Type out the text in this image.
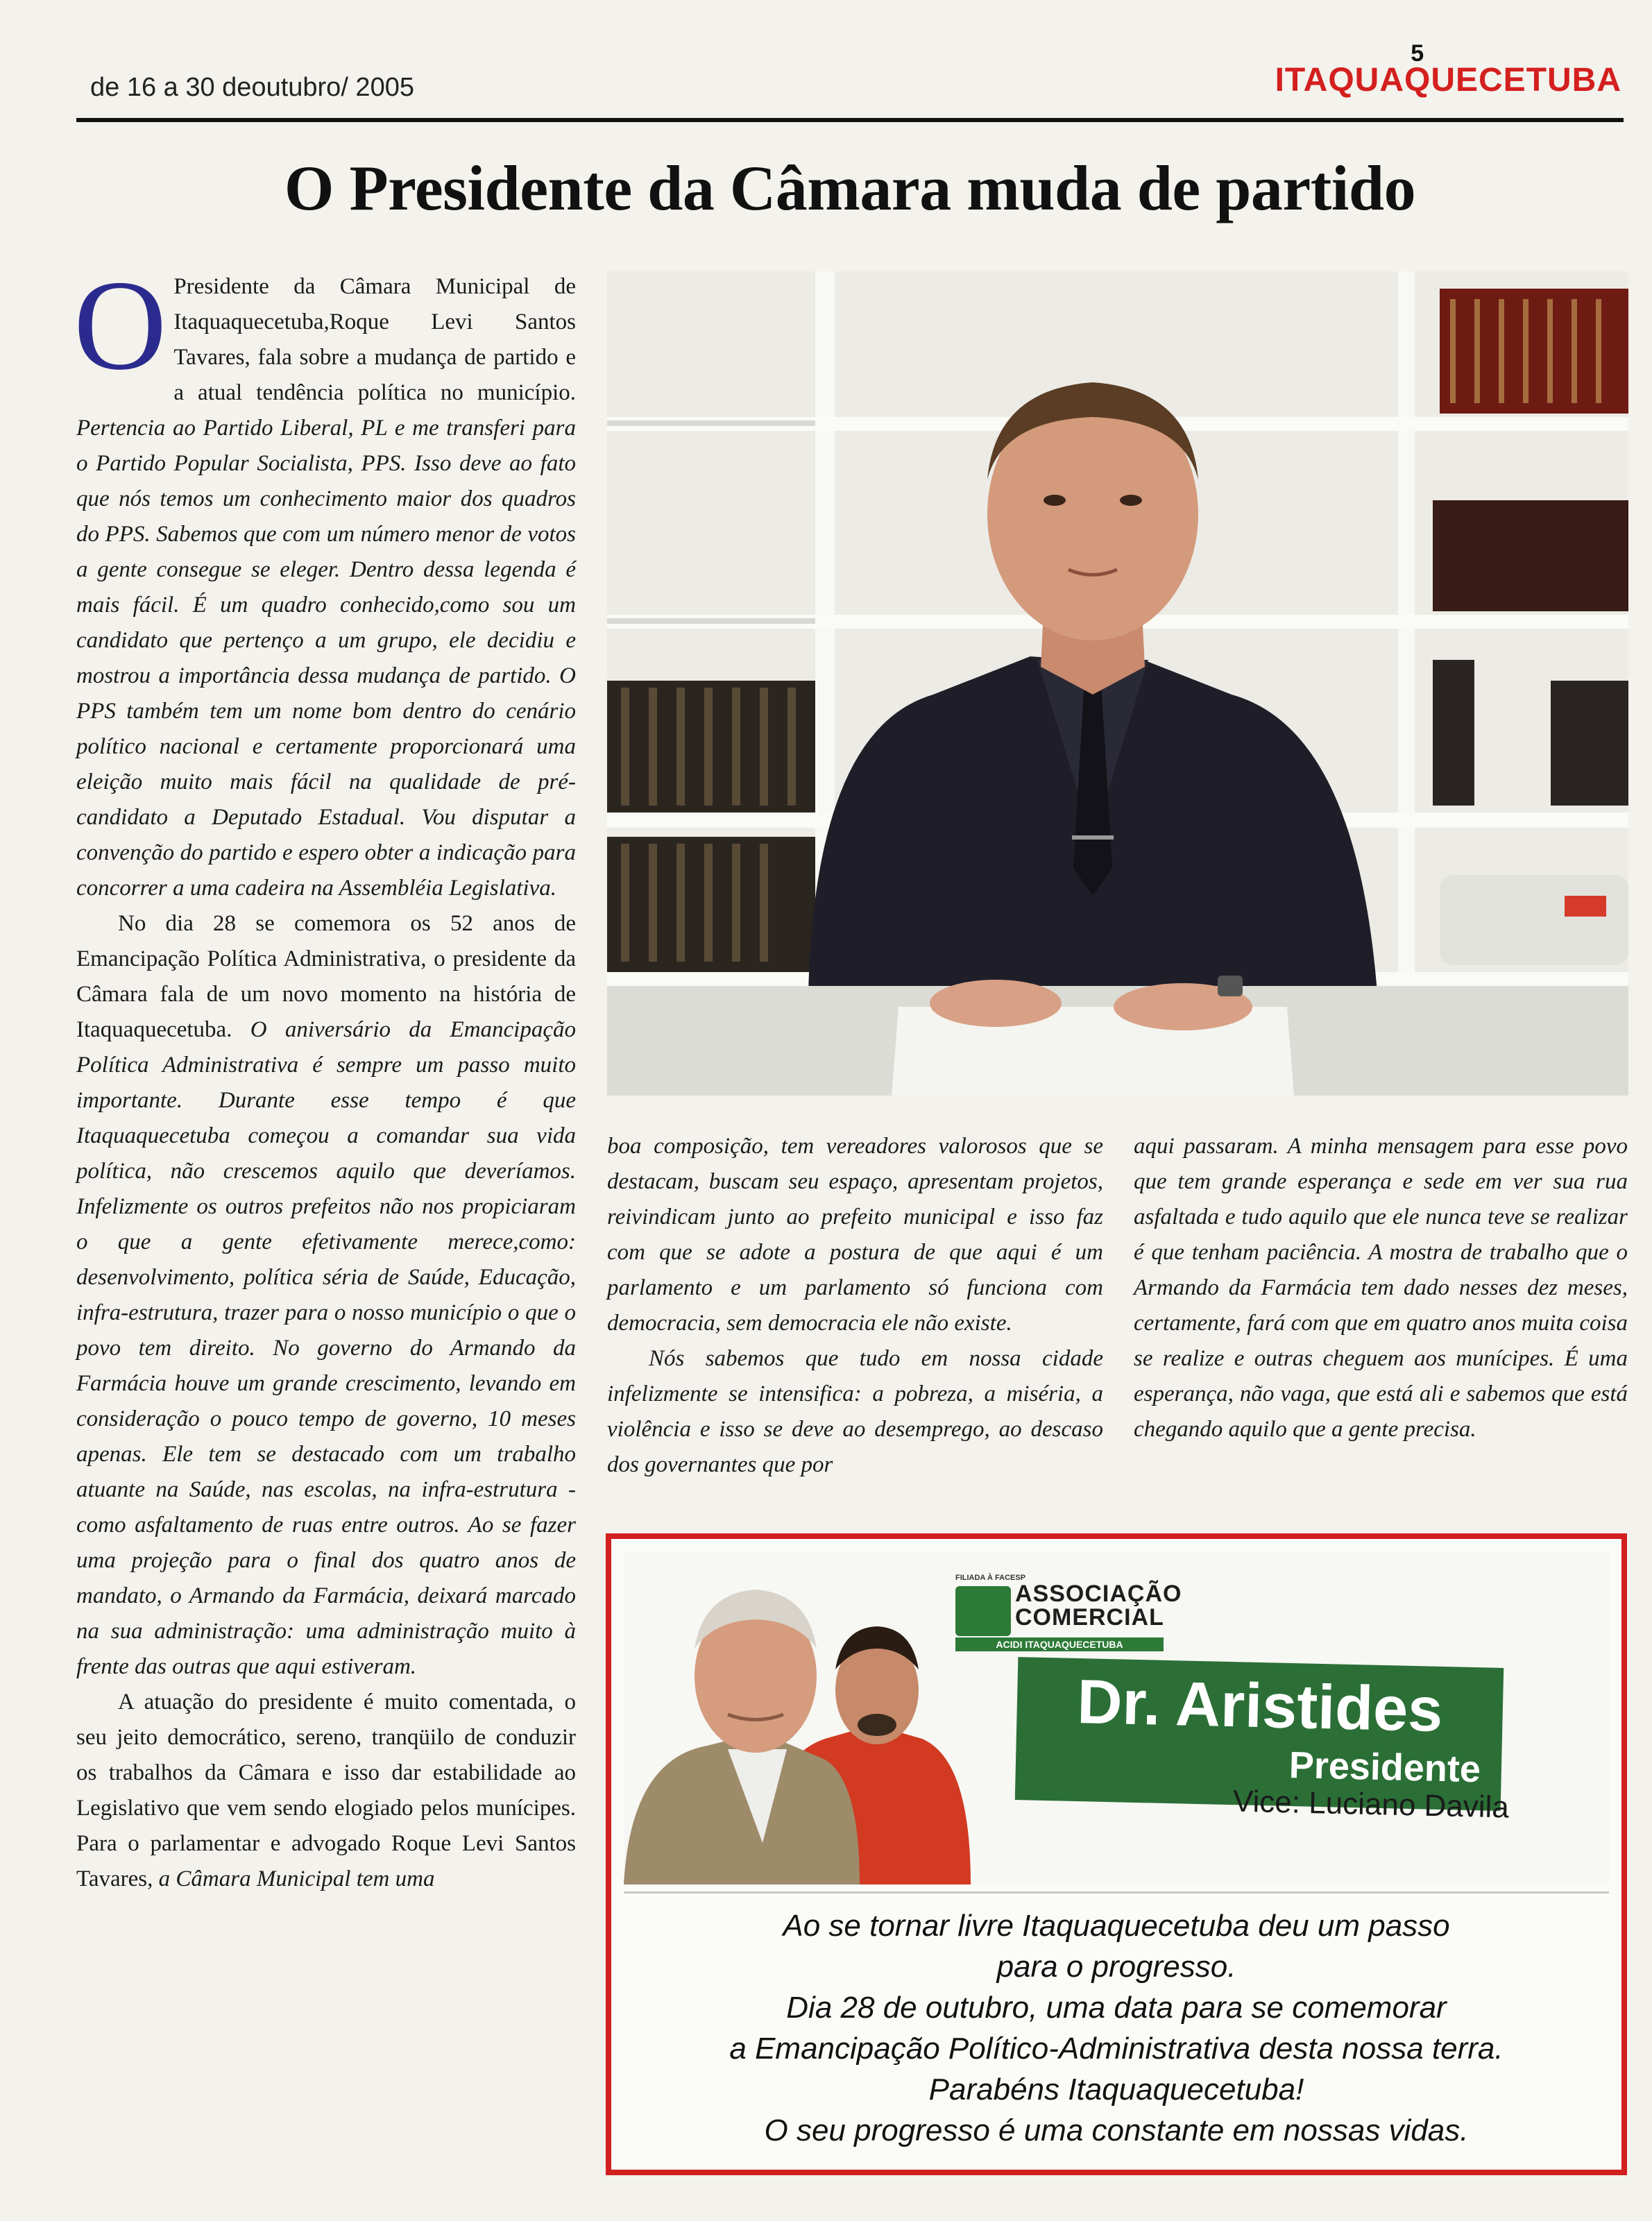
de 16 a 30 deoutubro/ 2005	ITAQUAQ
5
UECETUBA
O Presidente da Câmara muda de partido

O Presidente da Câmara Municipal de Itaquaquecetuba,Roque Levi Santos Tavares, fala sobre a mudança de partido e a atual tendência política no município. Pertencia ao Partido Liberal, PL e me transferi para o Partido Popular Socialista, PPS. Isso deve ao fato que nós temos um conhecimento maior dos quadros do PPS. Sabemos que com um número menor de votos a gente consegue se eleger. Dentro dessa legenda é mais fácil. É um quadro conhecido,como sou um candidato que pertenço a um grupo, ele decidiu e mostrou a importância dessa mudança de partido. O PPS também tem um nome bom dentro do cenário político nacional e certamente proporcionará uma eleição muito mais fácil na qualidade de pré-candidato a Deputado Estadual. Vou disputar a convenção do partido e espero obter a indicação para concorrer a uma cadeira na Assembléia Legislativa.

No dia 28 se comemora os 52 anos de Emancipação Política Administrativa, o presidente da Câmara fala de um novo momento na história de Itaquaquecetuba. O aniversário da Emancipação Política Administrativa é sempre um passo muito importante. Durante esse tempo é que Itaquaquecetuba começou a comandar sua vida política, não crescemos aquilo que deveríamos. Infelizmente os outros prefeitos não nos propiciaram o que a gente efetivamente merece,como: desenvolvimento, política séria de Saúde, Educação, infra-estrutura, trazer para o nosso município o que o povo tem direito. No governo do Armando da Farmácia houve um grande crescimento, levando em consideração o pouco tempo de governo, 10 meses apenas. Ele tem se destacado com um trabalho atuante na Saúde, nas escolas, na infra-estrutura - como asfaltamento de ruas entre outros. Ao se fazer uma projeção para o final dos quatro anos de mandato, o Armando da Farmácia, deixará marcado na sua administração: uma administração muito à frente das outras que aqui estiveram.

A atuação do presidente é muito comentada, o seu jeito democrático, sereno, tranqüilo de conduzir os trabalhos da Câmara e isso dar estabilidade ao Legislativo que vem sendo elogiado pelos munícipes. Para o parlamentar e advogado Roque Levi Santos Tavares, a Câmara Municipal tem uma

boa composição, tem vereadores valorosos que se destacam, buscam seu espaço, apresentam projetos, reivindicam junto ao prefeito municipal e isso faz com que se adote a postura de que aqui é um parlamento e um parlamento só funciona com democracia, sem democracia ele não existe.

Nós sabemos que tudo em nossa cidade infelizmente se intensifica: a pobreza, a miséria, a violência e isso se deve ao desemprego, ao descaso dos governantes que por

aqui passaram. A minha mensagem para esse povo que tem grande esperança e sede em ver sua rua asfaltada e tudo aquilo que ele nunca teve se realizar é que tenham paciência. A mostra de trabalho que o Armando da Farmácia tem dado nesses dez meses, certamente, fará com que em quatro anos muita coisa se realize e outras cheguem aos munícipes. É uma esperança, não vaga, que está ali e sabemos que está chegando aquilo que a gente precisa.

FILIADA À FACESP
ASSOCIAÇÃO COMERCIAL
ACIDI ITAQUAQUECETUBA
Dr. Aristides
Presidente
Vice: Luciano Davila
Ao se tornar livre Itaquaquecetuba deu um passo
para o progresso.
Dia 28 de outubro, uma data para se comemorar
a Emancipação Político-Administrativa desta nossa terra.
Parabéns Itaquaquecetuba!
O seu progresso é uma constante em nossas vidas.
